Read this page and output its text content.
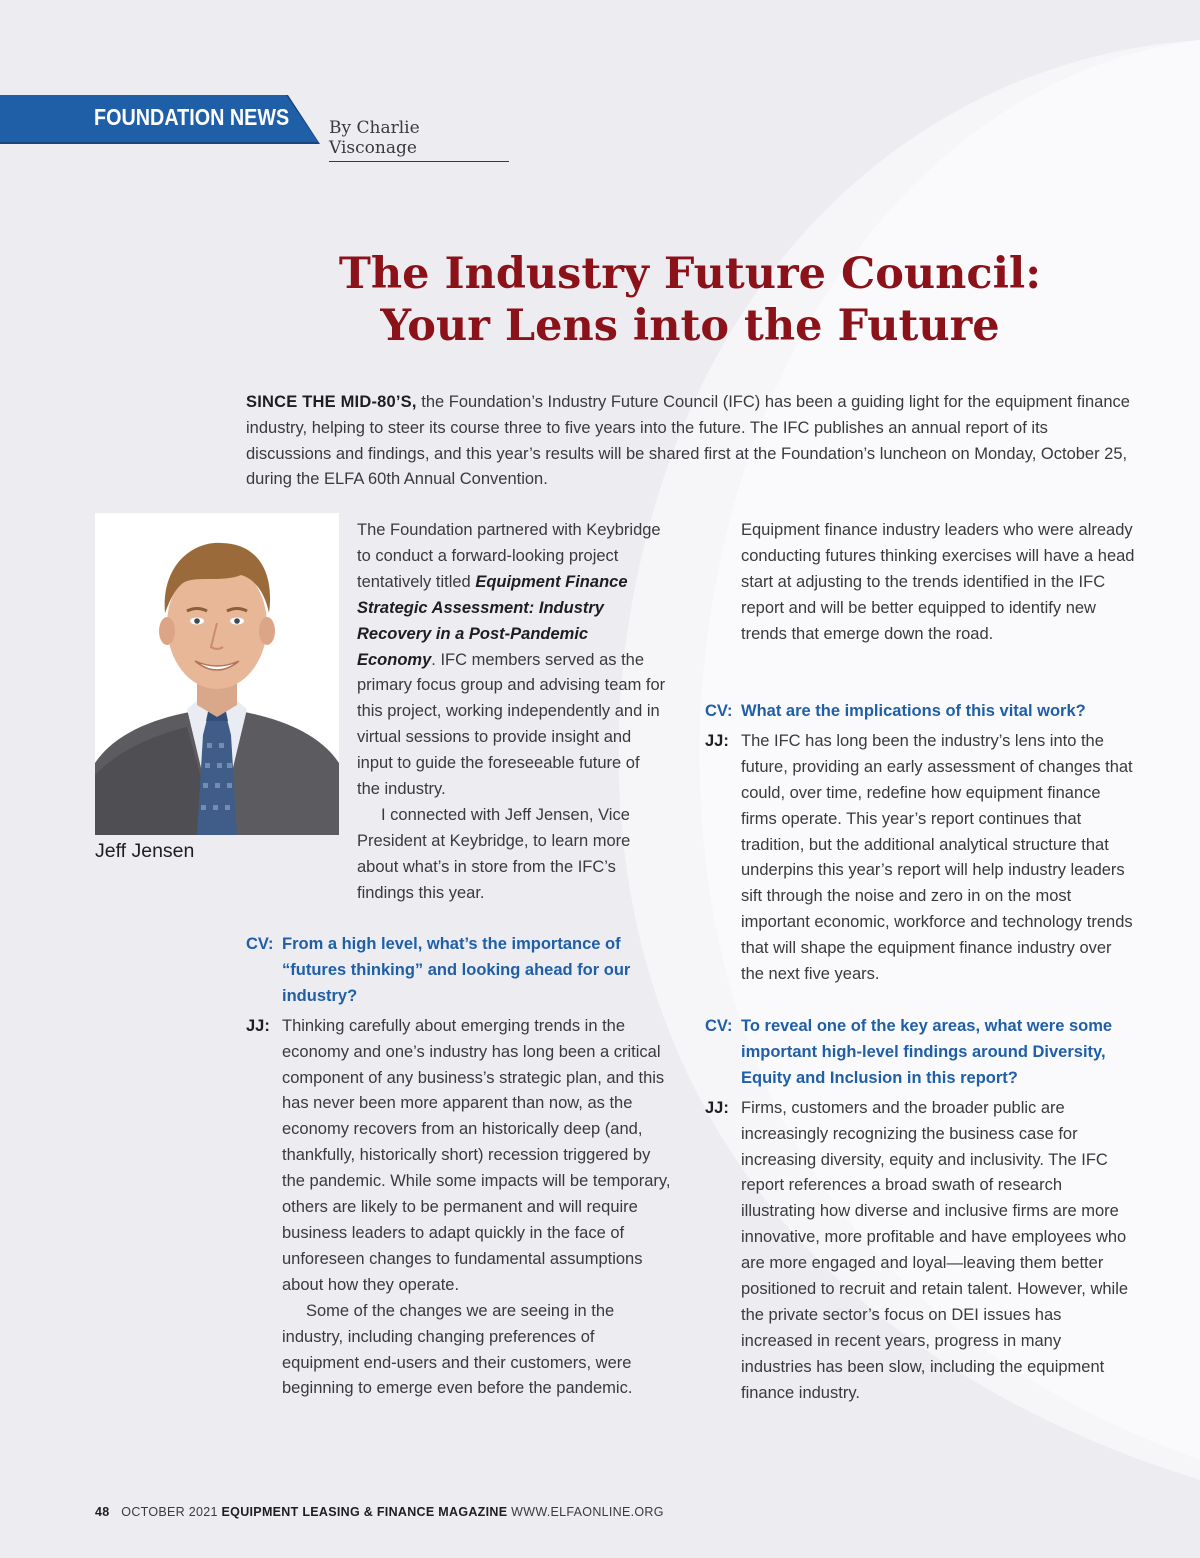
FOUNDATION NEWS By Charlie Visconage
The Industry Future Council:
Your Lens into the Future
SINCE THE MID-80’S, the Foundation’s Industry Future Council (IFC) has been a guiding light for the equipment finance industry, helping to steer its course three to five years into the future. The IFC publishes an annual report of its discussions and findings, and this year’s results will be shared first at the Foundation’s luncheon on Monday, October 25, during the ELFA 60th Annual Convention.
Jeff Jensen

The Foundation partnered with Keybridge to conduct a forward-looking project tentatively titled Equipment Finance Strategic Assessment: Industry Recovery in a Post-Pandemic Economy. IFC members served as the primary focus group and advising team for this project, working independently and in virtual sessions to provide insight and input to guide the foreseeable future of the industry.

I connected with Jeff Jensen, Vice President at Keybridge, to learn more about what’s in store from the IFC’s findings this year.

CV: From a high level, what’s the importance of “futures thinking” and looking ahead for our industry?

JJ: Thinking carefully about emerging trends in the economy and one’s industry has long been a critical component of any business’s strategic plan, and this has never been more apparent than now, as the economy recovers from an historically deep (and, thankfully, historically short) recession triggered by the pandemic. While some impacts will be temporary, others are likely to be permanent and will require business leaders to adapt quickly in the face of unforeseen changes to fundamental assumptions about how they operate.

Some of the changes we are seeing in the industry, including changing preferences of equipment end-users and their customers, were beginning to emerge even before the pandemic.

Equipment finance industry leaders who were already conducting futures thinking exercises will have a head start at adjusting to the trends identified in the IFC report and will be better equipped to identify new trends that emerge down the road.
CV: What are the implications of this vital work?

JJ: The IFC has long been the industry’s lens into the future, providing an early assessment of changes that could, over time, redefine how equipment finance firms operate. This year’s report continues that tradition, but the additional analytical structure that underpins this year’s report will help industry leaders sift through the noise and zero in on the most important economic, workforce and technology trends that will shape the equipment finance industry over the next five years.

CV: To reveal one of the key areas, what were some important high-level findings around Diversity, Equity and Inclusion in this report?

JJ: Firms, customers and the broader public are increasingly recognizing the business case for increasing diversity, equity and inclusivity. The IFC report references a broad swath of research illustrating how diverse and inclusive firms are more innovative, more profitable and have employees who are more engaged and loyal—leaving them better positioned to recruit and retain talent. However, while the private sector’s focus on DEI issues has increased in recent years, progress in many industries has been slow, including the equipment finance industry.

48 OCTOBER 2021 EQUIPMENT LEASING & FINANCE MAGAZINE WWW.ELFAONLINE.ORG
